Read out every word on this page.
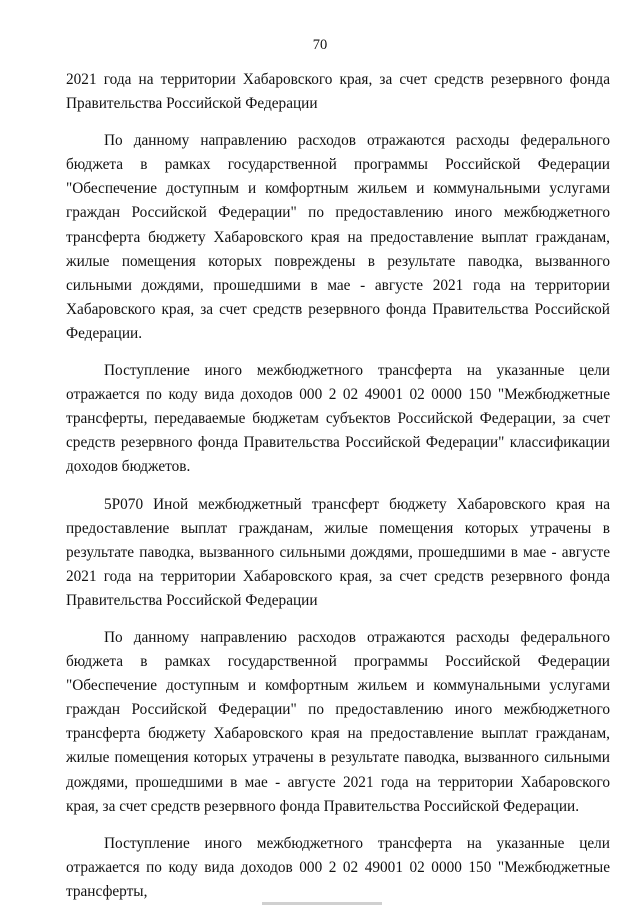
70

2021 года на территории Хабаровского края, за счет средств резервного фонда Правительства Российской Федерации

По данному направлению расходов отражаются расходы федерального бюджета в рамках государственной программы Российской Федерации "Обеспечение доступным и комфортным жильем и коммунальными услугами граждан Российской Федерации" по предоставлению иного межбюджетного трансферта бюджету Хабаровского края на предоставление выплат гражданам, жилые помещения которых повреждены в результате паводка, вызванного сильными дождями, прошедшими в мае - августе 2021 года на территории Хабаровского края, за счет средств резервного фонда Правительства Российской Федерации.

Поступление иного межбюджетного трансферта на указанные цели отражается по коду вида доходов 000 2 02 49001 02 0000 150 "Межбюджетные трансферты, передаваемые бюджетам субъектов Российской Федерации, за счет средств резервного фонда Правительства Российской Федерации" классификации доходов бюджетов.

5Р070 Иной межбюджетный трансферт бюджету Хабаровского края на предоставление выплат гражданам, жилые помещения которых утрачены в результате паводка, вызванного сильными дождями, прошедшими в мае - августе 2021 года на территории Хабаровского края, за счет средств резервного фонда Правительства Российской Федерации

По данному направлению расходов отражаются расходы федерального бюджета в рамках государственной программы Российской Федерации "Обеспечение доступным и комфортным жильем и коммунальными услугами граждан Российской Федерации" по предоставлению иного межбюджетного трансферта бюджету Хабаровского края на предоставление выплат гражданам, жилые помещения которых утрачены в результате паводка, вызванного сильными дождями, прошедшими в мае - августе 2021 года на территории Хабаровского края, за счет средств резервного фонда Правительства Российской Федерации.

Поступление иного межбюджетного трансферта на указанные цели отражается по коду вида доходов 000 2 02 49001 02 0000 150 "Межбюджетные трансферты,
